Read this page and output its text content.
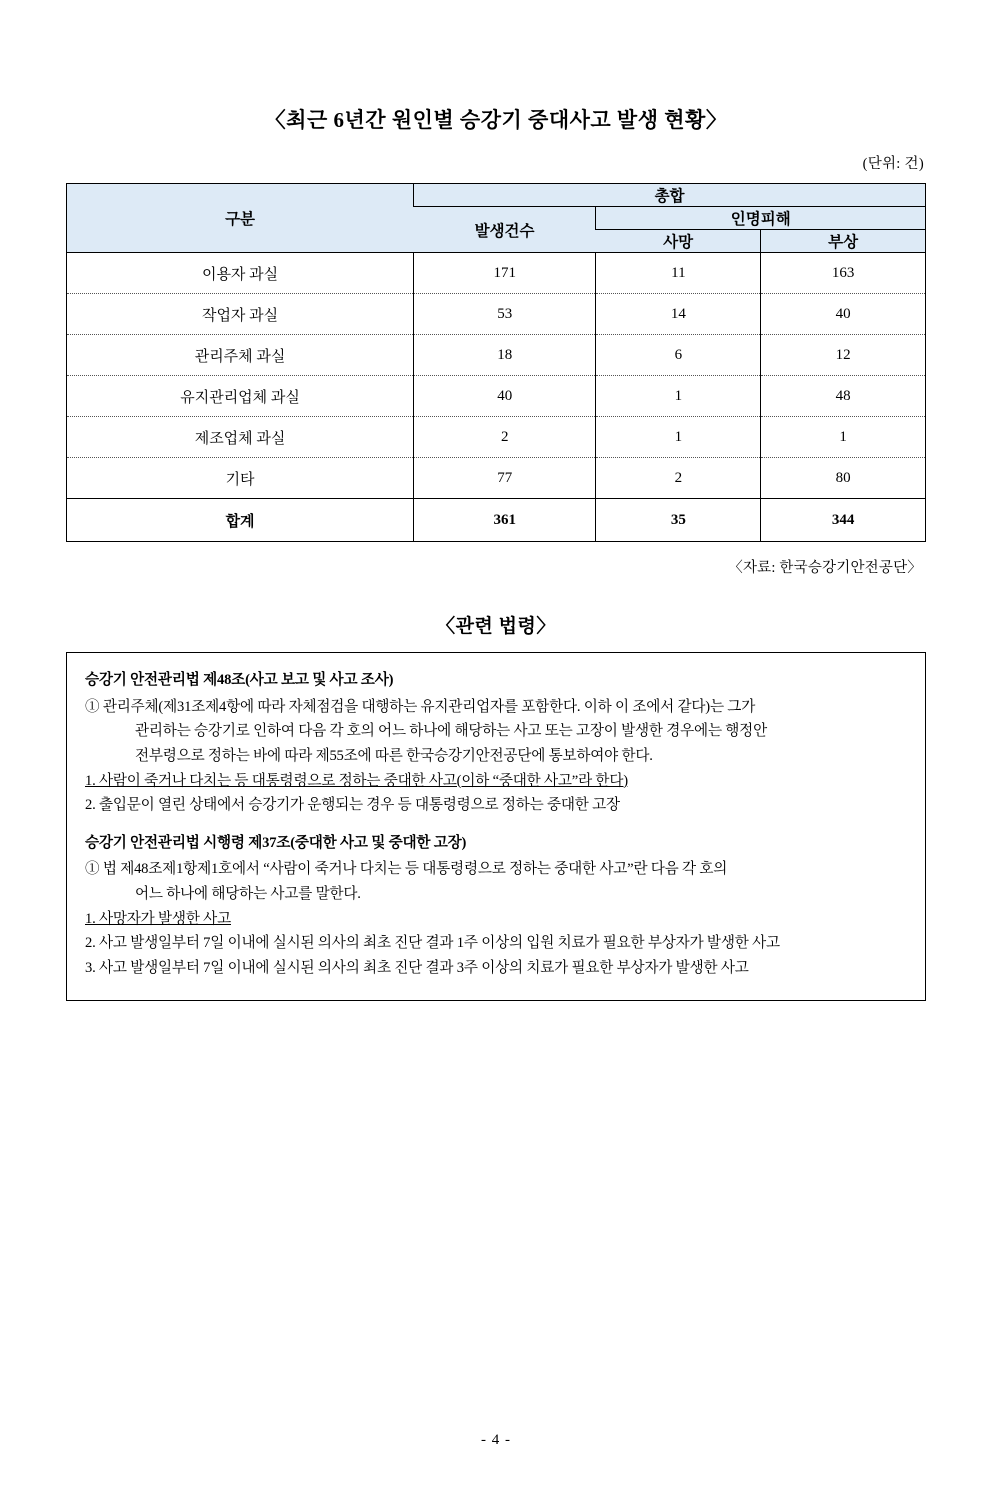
〈최근 6년간 원인별 승강기 중대사고 발생 현황〉
(단위: 건)
구분	총합		
	발생건수	인명피해	
		사망	부상
이용자 과실	171	11	163
작업자 과실	53	14	40
관리주체 과실	18	6	12
유지관리업체 과실	40	1	48
제조업체 과실	2	1	1
기타	77	2	80
합계	361	35	344
〈자료: 한국승강기안전공단〉
〈관련 법령〉
승강기 안전관리법 제48조(사고 보고 및 사고 조사)
① 관리주체(제31조제4항에 따라 자체점검을 대행하는 유지관리업자를 포함한다. 이하 이 조에서 같다)는 그가
관리하는 승강기로 인하여 다음 각 호의 어느 하나에 해당하는 사고 또는 고장이 발생한 경우에는 행정안
전부령으로 정하는 바에 따라 제55조에 따른 한국승강기안전공단에 통보하여야 한다.
1. 사람이 죽거나 다치는 등 대통령령으로 정하는 중대한 사고(이하 “중대한 사고”라 한다)
2. 출입문이 열린 상태에서 승강기가 운행되는 경우 등 대통령령으로 정하는 중대한 고장
승강기 안전관리법 시행령 제37조(중대한 사고 및 중대한 고장)
① 법 제48조제1항제1호에서 “사람이 죽거나 다치는 등 대통령령으로 정하는 중대한 사고”란 다음 각 호의
어느 하나에 해당하는 사고를 말한다.
1. 사망자가 발생한 사고
2. 사고 발생일부터 7일 이내에 실시된 의사의 최초 진단 결과 1주 이상의 입원 치료가 필요한 부상자가 발생한 사고
3. 사고 발생일부터 7일 이내에 실시된 의사의 최초 진단 결과 3주 이상의 치료가 필요한 부상자가 발생한 사고
- 4 -
